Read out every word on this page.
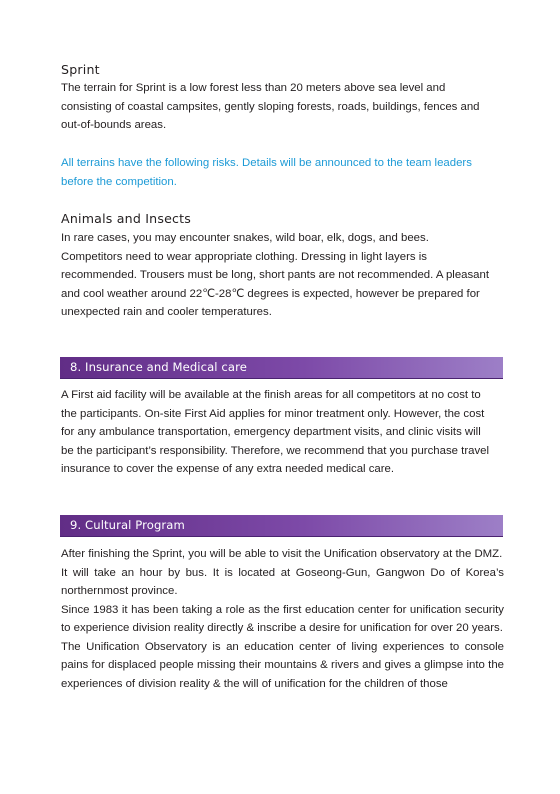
Sprint

The terrain for Sprint is a low forest less than 20 meters above sea level and

consisting of coastal campsites, gently sloping forests, roads, buildings, fences and

out-of-bounds areas.

All terrains have the following risks. Details will be announced to the team leaders

before the competition.

Animals and Insects

In rare cases, you may encounter snakes, wild boar, elk, dogs, and bees.

Competitors need to wear appropriate clothing. Dressing in light layers is

recommended. Trousers must be long, short pants are not recommended. A pleasant

and cool weather around 22℃-28℃ degrees is expected, however be prepared for

unexpected rain and cooler temperatures.

8. Insurance and Medical care

A First aid facility will be available at the finish areas for all competitors at no cost to

the participants. On-site First Aid applies for minor treatment only. However, the cost

for any ambulance transportation, emergency department visits, and clinic visits will

be the participant’s responsibility. Therefore, we recommend that you purchase travel

insurance to cover the expense of any extra needed medical care.

9. Cultural Program

After finishing the Sprint, you will be able to visit the Unification observatory at the DMZ.

It will take an hour by bus. It is located at Goseong-Gun, Gangwon Do of Korea’s northernmost province.

Since 1983 it has been taking a role as the first education center for unification security to experience division reality directly & inscribe a desire for unification for over 20 years.

The Unification Observatory is an education center of living experiences to console pains for displaced people missing their mountains & rivers and gives a glimpse into the experiences of division reality & the will of unification for the children of those
